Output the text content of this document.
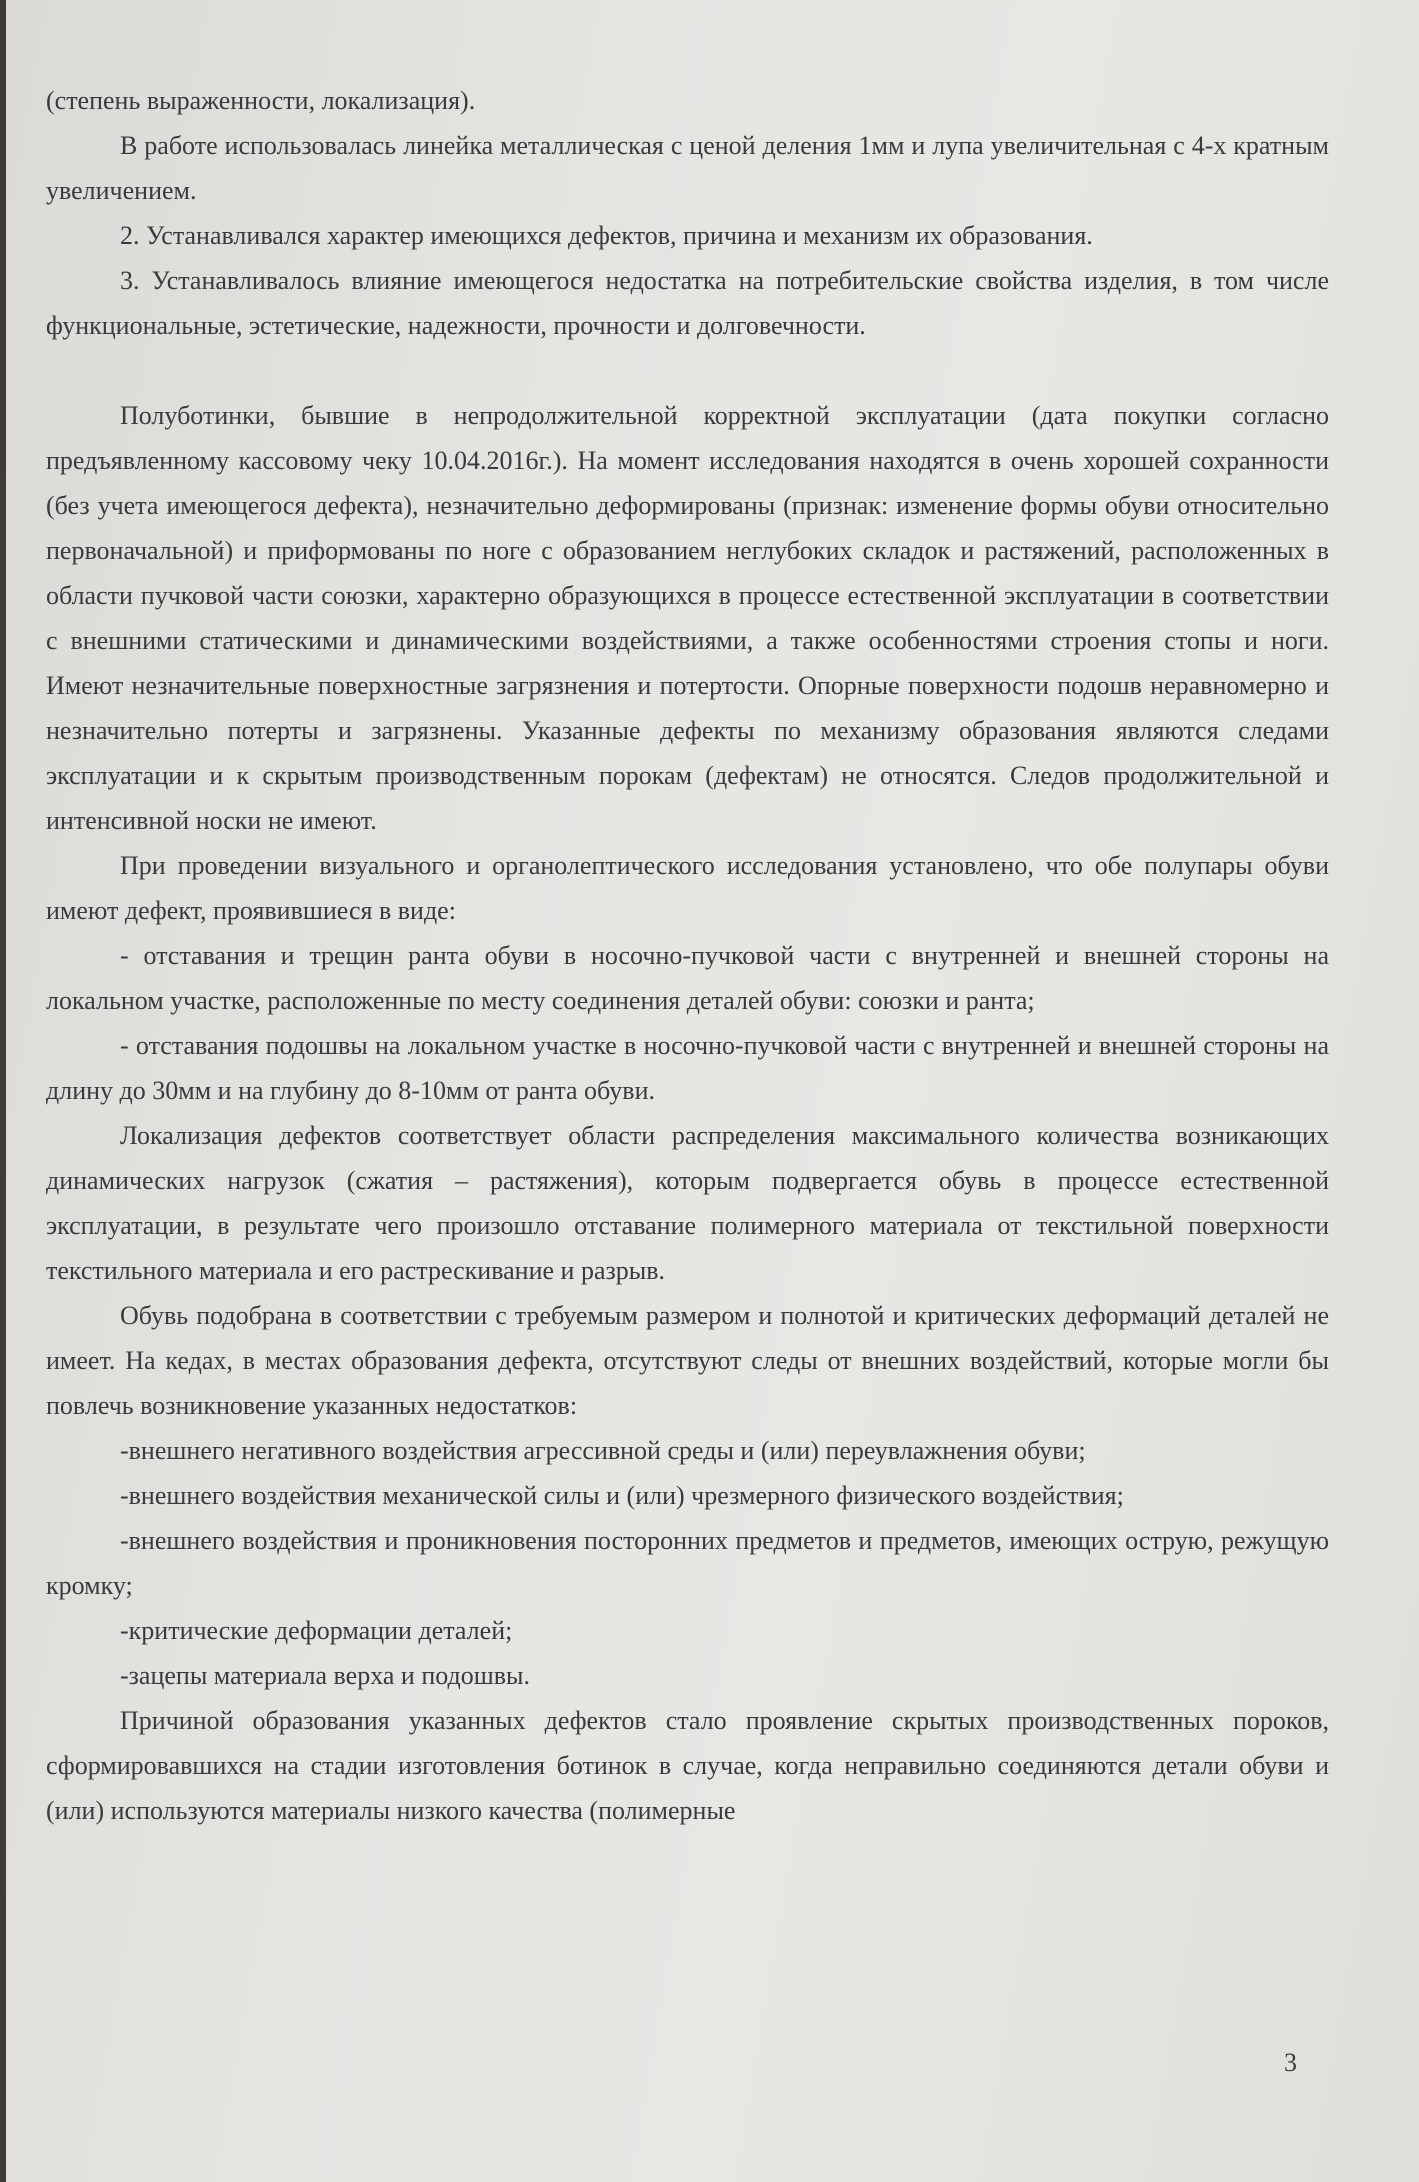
(степень выраженности, локализация).

В работе использовалась линейка металлическая с ценой деления 1мм и лупа увеличительная с 4-х кратным увеличением.

2. Устанавливался характер имеющихся дефектов, причина и механизм их образования.

3. Устанавливалось влияние имеющегося недостатка на потребительские свойства изделия, в том числе функциональные, эстетические, надежности, прочности и долговечности.

Полуботинки, бывшие в непродолжительной корректной эксплуатации (дата покупки согласно предъявленному кассовому чеку 10.04.2016г.). На момент исследования находятся в очень хорошей сохранности (без учета имеющегося дефекта), незначительно деформированы (признак: изменение формы обуви относительно первоначальной) и приформованы по ноге с образованием неглубоких складок и растяжений, расположенных в области пучковой части союзки, характерно образующихся в процессе естественной эксплуатации в соответствии с внешними статическими и динамическими воздействиями, а также особенностями строения стопы и ноги. Имеют незначительные поверхностные загрязнения и потертости. Опорные поверхности подошв неравномерно и незначительно потерты и загрязнены. Указанные дефекты по механизму образования являются следами эксплуатации и к скрытым производственным порокам (дефектам) не относятся. Следов продолжительной и интенсивной носки не имеют.

При проведении визуального и органолептического исследования установлено, что обе полупары обуви имеют дефект, проявившиеся в виде:

- отставания и трещин ранта обуви в носочно-пучковой части с внутренней и внешней стороны на локальном участке, расположенные по месту соединения деталей обуви: союзки и ранта;

- отставания подошвы на локальном участке в носочно-пучковой части с внутренней и внешней стороны на длину до 30мм и на глубину до 8-10мм от ранта обуви.

Локализация дефектов соответствует области распределения максимального количества возникающих динамических нагрузок (сжатия – растяжения), которым подвергается обувь в процессе естественной эксплуатации, в результате чего произошло отставание полимерного материала от текстильной поверхности текстильного материала и его растрескивание и разрыв.

Обувь подобрана в соответствии с требуемым размером и полнотой и критических деформаций деталей не имеет. На кедах, в местах образования дефекта, отсутствуют следы от внешних воздействий, которые могли бы повлечь возникновение указанных недостатков:

-внешнего негативного воздействия агрессивной среды и (или) переувлажнения обуви;

-внешнего воздействия механической силы и (или) чрезмерного физического воздействия;

-внешнего воздействия и проникновения посторонних предметов и предметов, имеющих острую, режущую кромку;

-критические деформации деталей;

-зацепы материала верха и подошвы.

Причиной образования указанных дефектов стало проявление скрытых производственных пороков, сформировавшихся на стадии изготовления ботинок в случае, когда неправильно соединяются детали обуви и (или) используются материалы низкого качества (полимерные

3
